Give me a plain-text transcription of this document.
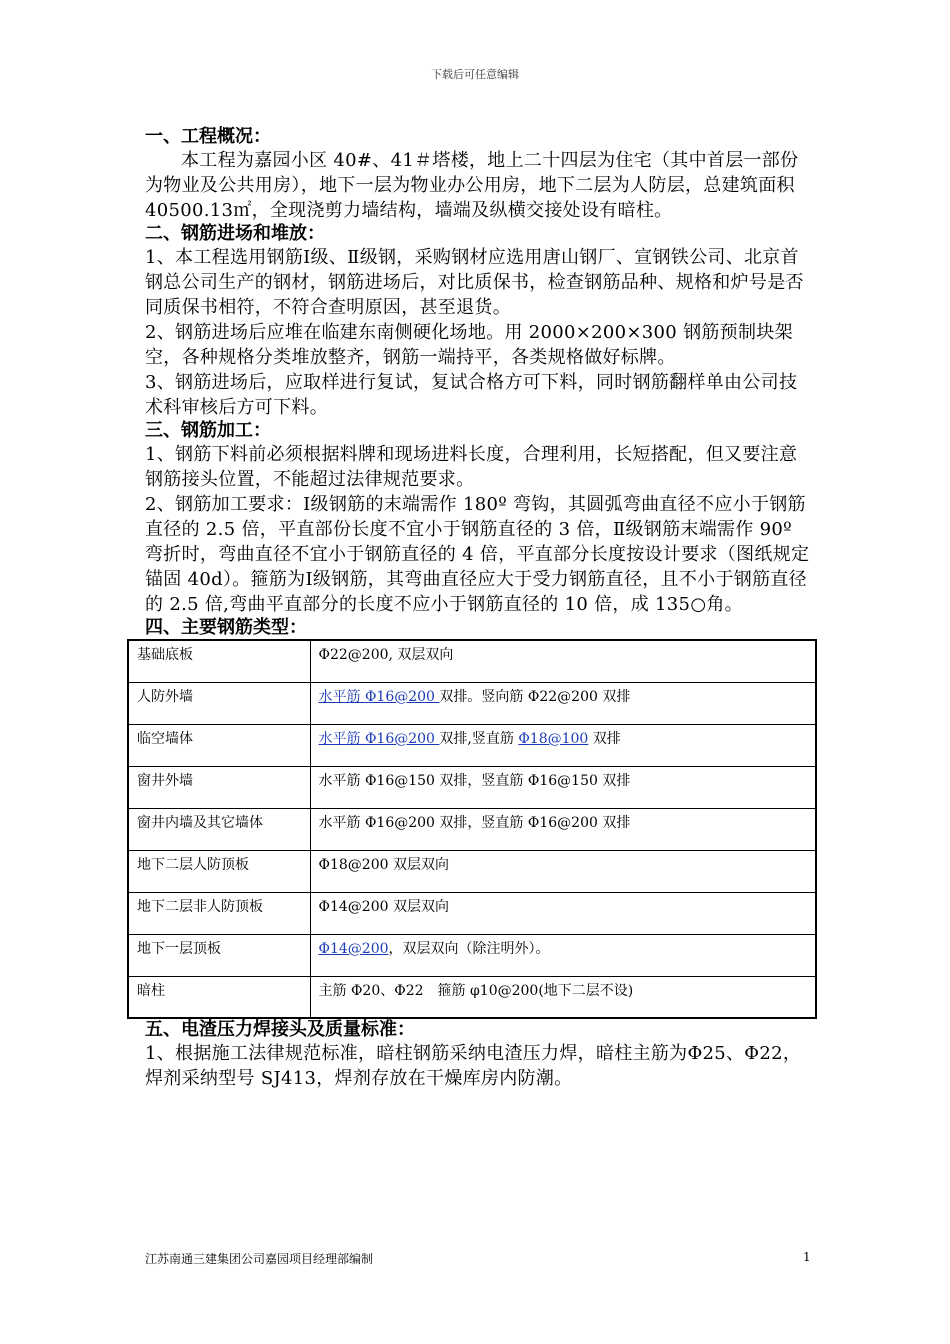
下载后可任意编辑

一、工程概况：

本工程为嘉园小区 40#、41＃塔楼，地上二十四层为住宅（其中首层一部份为物业及公共用房），地下一层为物业办公用房，地下二层为人防层，总建筑面积 40500.13㎡，全现浇剪力墙结构，墙端及纵横交接处设有暗柱。

二、钢筋进场和堆放：

1、本工程选用钢筋Ⅰ级、Ⅱ级钢，采购钢材应选用唐山钢厂、宣钢铁公司、北京首钢总公司生产的钢材，钢筋进场后，对比质保书，检查钢筋品种、规格和炉号是否同质保书相符，不符合查明原因，甚至退货。

2、钢筋进场后应堆在临建东南侧硬化场地。用 2000×200×300 钢筋预制块架空，各种规格分类堆放整齐，钢筋一端持平，各类规格做好标牌。

3、钢筋进场后，应取样进行复试，复试合格方可下料，同时钢筋翻样单由公司技术科审核后方可下料。

三、钢筋加工：

1、钢筋下料前必须根据料牌和现场进料长度，合理利用，长短搭配，但又要注意钢筋接头位置，不能超过法律规范要求。

2、钢筋加工要求：Ⅰ级钢筋的末端需作 180º 弯钩，其圆弧弯曲直径不应小于钢筋直径的 2.5 倍，平直部份长度不宜小于钢筋直径的 3 倍，Ⅱ级钢筋末端需作 90º 弯折时，弯曲直径不宜小于钢筋直径的 4 倍，平直部分长度按设计要求（图纸规定锚固 40d）。箍筋为Ⅰ级钢筋，其弯曲直径应大于受力钢筋直径，且不小于钢筋直径的 2.5 倍,弯曲平直部分的长度不应小于钢筋直径的 10 倍，成 135○角。

四、主要钢筋类型：

基础底板	Φ22@200, 双层双向
人防外墙	水平筋 Φ16@200 双排。竖向筋 Φ22@200 双排
临空墙体	水平筋 Φ16@200 双排,竖直筋 Φ18@100 双排
窗井外墙	水平筋 Φ16@150 双排，竖直筋 Φ16@150 双排
窗井内墙及其它墙体	水平筋 Φ16@200 双排，竖直筋 Φ16@200 双排
地下二层人防顶板	Φ18@200 双层双向
地下二层非人防顶板	Φ14@200 双层双向
地下一层顶板	Φ14@200，双层双向（除注明外）。
暗柱	主筋 Φ20、Φ22　箍筋 φ10@200(地下二层不设)

五、电渣压力焊接头及质量标准：

1、根据施工法律规范标准，暗柱钢筋采纳电渣压力焊，暗柱主筋为Φ25、Φ22，焊剂采纳型号 SJ413，焊剂存放在干燥库房内防潮。

江苏南通三建集团公司嘉园项目经理部编制	1
